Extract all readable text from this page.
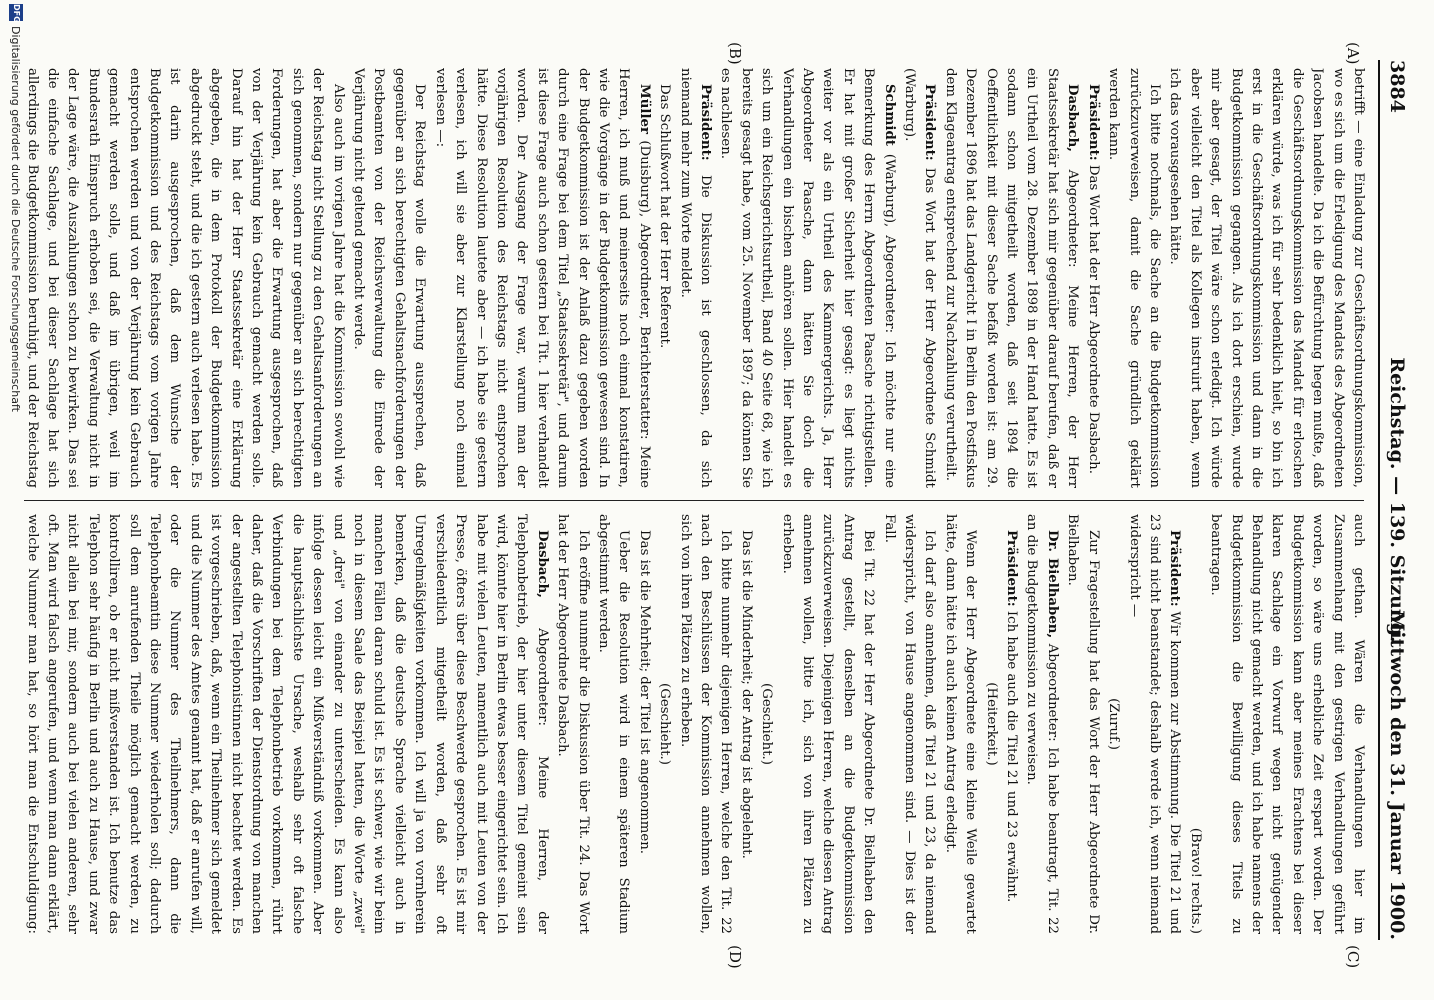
3884
Reichstag. — 139. Sitzung.
Mittwoch den 31. Januar 1900.
(A)
(B)
(C)
(D)

betrifft — eine Einladung zur Geschäftsordnungskommission, wo es sich um die Erledigung des Mandats des Abgeordneten Jacobsen handelte. Da ich die Befürchtung hegen mußte, daß die Geschäftsordnungskommission das Mandat für erloschen erklären würde, was ich für sehr bedenklich hielt, so bin ich erst in die Geschäftsordnungskommission und dann in die Budgetkommission gegangen. Als ich dort erschien, wurde mir aber gesagt, der Titel wäre schon erledigt. Ich würde aber vielleicht den Titel als Kollegen instruirt haben, wenn ich das vorausgesehen hätte.

Ich bitte nochmals, die Sache an die Budgetkommission zurückzuverweisen, damit die Sache gründlich geklärt werden kann.

Präsident: Das Wort hat der Herr Abgeordnete Dasbach.

Dasbach, Abgeordneter: Meine Herren, der Herr Staatssekretär hat sich mir gegenüber darauf berufen, daß er ein Urtheil vom 28. Dezember 1898 in der Hand hatte. Es ist sodann schon mitgetheilt worden, daß seit 1894 die Oeffentlichkeit mit dieser Sache befaßt worden ist: am 29. Dezember 1896 hat das Landgericht I in Berlin den Postfiskus dem Klageantrag entsprechend zur Nachzahlung verurtheilt.

Präsident: Das Wort hat der Herr Abgeordnete Schmidt (Warburg).

Schmidt (Warburg), Abgeordneter: Ich möchte nur eine Bemerkung des Herrn Abgeordneten Paasche richtigstellen. Er hat mit großer Sicherheit hier gesagt: es liegt nichts weiter vor als ein Urtheil des Kammergerichts. Ja, Herr Abgeordneter Paasche, dann hätten Sie doch die Verhandlungen ein bischen anhören sollen. Hier handelt es sich um ein Reichsgerichtsurtheil, Band 40 Seite 68, wie ich bereits gesagt habe, vom 25. November 1897; da können Sie es nachlesen.

Präsident: Die Diskussion ist geschlossen, da sich niemand mehr zum Worte meldet.

Das Schlußwort hat der Herr Referent.

Müller (Duisburg), Abgeordneter, Berichterstatter: Meine Herren, ich muß und meinerseits noch einmal konstatiren, wie die Vorgänge in der Budgetkommission gewesen sind. In der Budgetkommission ist der Anlaß dazu gegeben worden durch eine Frage bei dem Titel „Staatssekretär", und darum ist diese Frage auch schon gestern bei Tit. 1 hier verhandelt worden. Der Ausgang der Frage war, warum man der vorjährigen Resolution des Reichstags nicht entsprochen hätte. Diese Resolution lautete aber — ich habe sie gestern verlesen, ich will sie aber zur Klarstellung noch einmal verlesen —:

Der Reichstag wolle die Erwartung aussprechen, daß gegenüber an sich berechtigten Gehaltsnachforderungen der Postbeamten von der Reichsverwaltung die Einrede der Verjährung nicht geltend gemacht werde.

Also auch im vorigen Jahre hat die Kommission sowohl wie der Reichstag nicht Stellung zu den Gehaltsanforderungen an sich genommen, sondern nur gegenüber an sich berechtigten Forderungen, hat aber die Erwartung ausgesprochen, daß von der Verjährung kein Gebrauch gemacht werden solle. Darauf hin hat der Herr Staatssekretär eine Erklärung abgegeben, die in dem Protokoll der Budgetkommission abgedruckt steht, und die ich gestern auch verlesen habe. Es ist darin ausgesprochen, daß dem Wunsche der Budgetkommission und des Reichstags vom vorigen Jahre entsprochen werden und von der Verjährung kein Gebrauch gemacht werden solle, und daß im übrigen, weil im Bundesrath Einspruch erhoben sei, die Verwaltung nicht in der Lage wäre, die Auszahlungen schon zu bewirken. Das sei die einfache Sachlage, und bei dieser Sachlage hat sich allerdings die Budgetkommission beruhigt, und der Reichstag

auch gethan. Wären die Verhandlungen hier im Zusammenhang mit den gestrigen Verhandlungen geführt worden, so wäre uns erhebliche Zeit erspart worden. Der Budgetkommission kann aber meines Erachtens bei dieser klaren Sachlage ein Vorwurf wegen nicht genügender Behandlung nicht gemacht werden, und ich habe namens der Budgetkommission die Bewilligung dieses Titels zu beantragen.

(Bravo! rechts.)

Präsident: Wir kommen zur Abstimmung. Die Titel 21 und 23 sind nicht beanstandet; deshalb werde ich, wenn niemand widerspricht —

(Zuruf.)

Zur Fragestellung hat das Wort der Herr Abgeordnete Dr. Bielhaben.

Dr. Bielhaben, Abgeordneter: Ich habe beantragt, Tit. 22 an die Budgetkommission zu verweisen.

Präsident: Ich habe auch die Titel 21 und 23 erwähnt.

(Heiterkeit.)

Wenn der Herr Abgeordnete eine kleine Weile gewartet hätte, dann hätte ich auch keinen Antrag erledigt.

Ich darf also annehmen, daß Titel 21 und 23, da niemand widerspricht, von Hause angenommen sind. — Dies ist der Fall.

Bei Tit. 22 hat der Herr Abgeordnete Dr. Bielhaben den Antrag gestellt, denselben an die Budgetkommission zurückzuverweisen. Diejenigen Herren, welche diesen Antrag annehmen wollen, bitte ich, sich von ihren Plätzen zu erheben.

(Geschieht.)

Das ist die Minderheit; der Antrag ist abgelehnt.

Ich bitte nunmehr diejenigen Herren, welche den Tit. 22 nach den Beschlüssen der Kommission annehmen wollen, sich von ihren Plätzen zu erheben.

(Geschieht.)

Das ist die Mehrheit; der Titel ist angenommen.

Ueber die Resolution wird in einem späteren Stadium abgestimmt werden.

Ich eröffne nunmehr die Diskussion über Tit. 24. Das Wort hat der Herr Abgeordnete Dasbach.

Dasbach, Abgeordneter: Meine Herren, der Telephonbetrieb, der hier unter diesem Titel gemeint sein wird, könnte hier in Berlin etwas besser eingerichtet sein. Ich habe mit vielen Leuten, namentlich auch mit Leuten von der Presse, öfters über diese Beschwerde gesprochen. Es ist mir verschiedentlich mitgetheilt worden, daß sehr oft Unregelmäßigkeiten vorkommen. Ich will ja von vornherein bemerken, daß die deutsche Sprache vielleicht auch in manchen Fällen daran schuld ist. Es ist schwer, wie wir beim noch in diesem Saale das Beispiel hatten, die Worte „zwei" und „drei" von einander zu unterscheiden. Es kann also infolge dessen leicht ein Mißverständniß vorkommen. Aber die hauptsächlichste Ursache, weshalb sehr oft falsche Verbindungen bei dem Telephonbetrieb vorkommen, rührt daher, daß die Vorschriften der Dienstordnung von manchen der angestellten Telephonistinnen nicht beachtet werden. Es ist vorgeschrieben, daß, wenn ein Theilnehmer sich gemeldet und die Nummer des Amtes genannt hat, daß er anrufen will, oder die Nummer des Theilnehmers, dann die Telephonbeamtin diese Nummer wiederholen soll; dadurch soll dem anrufenden Theile möglich gemacht werden, zu kontrolliren, ob er nicht mißverstanden ist. Ich benutze das Telephon sehr häufig in Berlin und auch zu Hause, und zwar nicht allein bei mir, sondern auch bei vielen anderen, sehr oft. Man wird falsch angerufen, und wenn man dann erklärt, welche Nummer man hat, so hört man die Entschuldigung:

DFG
Digitalisierung gefördert durch die Deutsche Forschungsgemeinschaft
